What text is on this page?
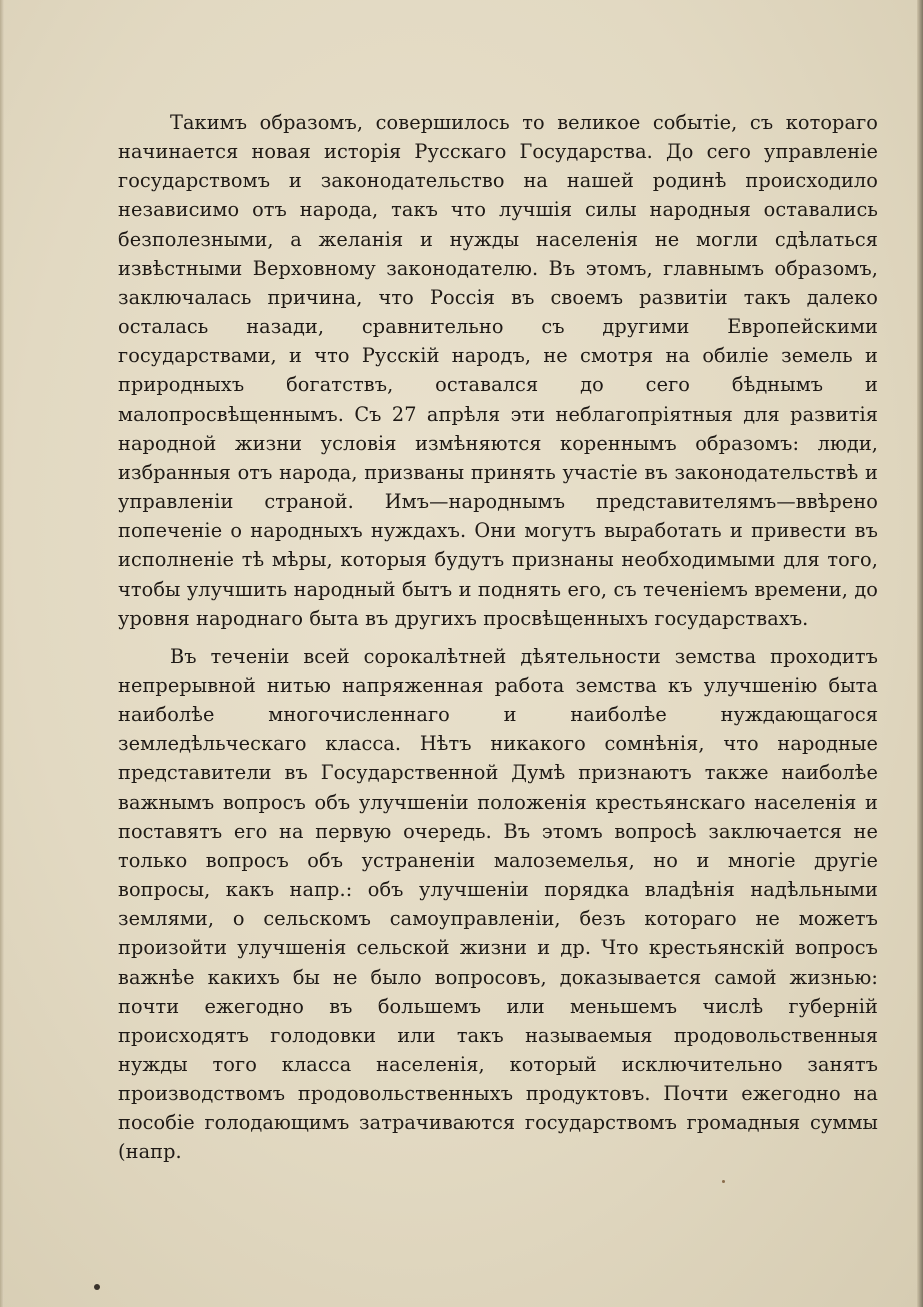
Такимъ образомъ, совершилось то великое событіе, съ котораго начинается новая исторія Русскаго Государства. До сего управленіе государствомъ и законодательство на нашей родинѣ происходило независимо отъ народа, такъ что лучшія силы народныя оставались безполезными, а желанія и нужды населенія не могли сдѣлаться извѣстными Верховному законодателю. Въ этомъ, главнымъ образомъ, заключалась причина, что Россія въ своемъ развитіи такъ далеко осталась назади, сравнительно съ другими Европейскими государствами, и что Русскій народъ, не смотря на обиліе земель и природныхъ богатствъ, оставался до сего бѣднымъ и малопросвѣщеннымъ. Съ 27 апрѣля эти неблагопріятныя для развитія народной жизни условія измѣняются кореннымъ образомъ: люди, избранныя отъ народа, призваны принять участіе въ законодательствѣ и управленіи страной. Имъ—народнымъ представителямъ—ввѣрено попеченіе о народныхъ нуждахъ. Они могутъ выработать и привести въ исполненіе тѣ мѣры, которыя будутъ признаны необходимыми для того, чтобы улучшить народный бытъ и поднять его, съ теченіемъ времени, до уровня народнаго быта въ другихъ просвѣщенныхъ государствахъ.

Въ теченіи всей сорокалѣтней дѣятельности земства проходитъ непрерывной нитью напряженная работа земства къ улучшенію быта наиболѣе многочисленнаго и наиболѣе нуждающагося земледѣльческаго класса. Нѣтъ никакого сомнѣнія, что народные представители въ Государственной Думѣ признаютъ также наиболѣе важнымъ вопросъ объ улучшеніи положенія крестьянскаго населенія и поставятъ его на первую очередь. Въ этомъ вопросѣ заключается не только вопросъ объ устраненіи малоземелья, но и многіе другіе вопросы, какъ напр.: объ улучшеніи порядка владѣнія надѣльными землями, о сельскомъ самоуправленіи, безъ котораго не можетъ произойти улучшенія сельской жизни и др. Что крестьянскій вопросъ важнѣе какихъ бы не было вопросовъ, доказывается самой жизнью: почти ежегодно въ большемъ или меньшемъ числѣ губерній происходятъ голодовки или такъ называемыя продовольственныя нужды того класса населенія, который исключительно занятъ производствомъ продовольственныхъ продуктовъ. Почти ежегодно на пособіе голодающимъ затрачиваются государствомъ громадныя суммы (напр.
